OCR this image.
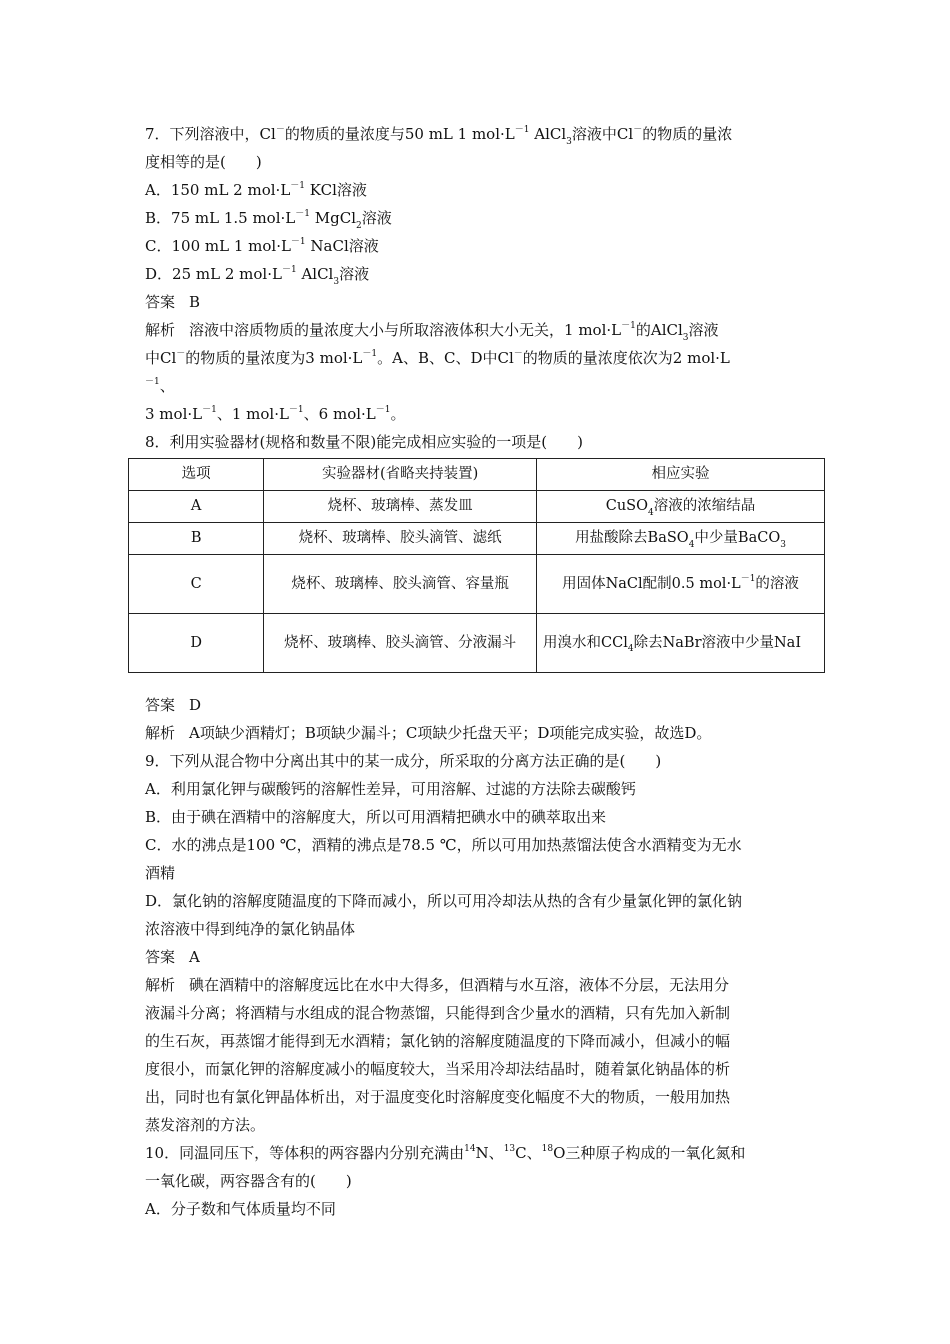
7．下列溶液中，Cl－的物质的量浓度与50 mL 1 $mol\cdot L^{-1}$ AlCl$_3$溶液中Cl－的物质的量浓
度相等的是(　　)
A．150 mL 2 $mol\cdot L^{-1}$ KCl溶液
B．75 mL 1.5 $mol\cdot L^{-1}$ MgCl$_2$溶液
C．100 mL 1 $mol\cdot L^{-1}$ NaCl溶液
D．25 mL 2 $mol\cdot L^{-1}$ AlCl$_3$溶液
答案 B
解析 溶液中溶质物质的量浓度大小与所取溶液体积大小无关，1 $mol\cdot L^{-1}$的AlCl$_3$溶液
中Cl－的物质的量浓度为3 $mol\cdot L^{-1}$。A、B、C、D中Cl－的物质的量浓度依次为2 mol·L
$^{-1}$、
3 $mol\cdot L^{-1}$、1 $mol\cdot L^{-1}$、6 $mol\cdot L^{-1}$。
8．利用实验器材(规格和数量不限)能完成相应实验的一项是(　　)
选项	实验器材(省略夹持装置)	相应实验
A	烧杯、玻璃棒、蒸发皿	CuSO$_4$溶液的浓缩结晶
B	烧杯、玻璃棒、胶头滴管、滤纸	用盐酸除去BaSO$_4$中少量BaCO$_3$
C	烧杯、玻璃棒、胶头滴管、容量瓶	用固体NaCl配制0.5 $mol\cdot L^{-1}$的溶液
D	烧杯、玻璃棒、胶头滴管、分液漏斗	用溴水和CCl$_4$除去NaBr溶液中少量NaI
答案 D
解析 A项缺少酒精灯；B项缺少漏斗；C项缺少托盘天平；D项能完成实验，故选D。
9．下列从混合物中分离出其中的某一成分，所采取的分离方法正确的是(　　)
A．利用氯化钾与碳酸钙的溶解性差异，可用溶解、过滤的方法除去碳酸钙
B．由于碘在酒精中的溶解度大，所以可用酒精把碘水中的碘萃取出来
C．水的沸点是100 ℃，酒精的沸点是78.5 ℃，所以可用加热蒸馏法使含水酒精变为无水
酒精
D．氯化钠的溶解度随温度的下降而减小，所以可用冷却法从热的含有少量氯化钾的氯化钠
浓溶液中得到纯净的氯化钠晶体
答案 A
解析 碘在酒精中的溶解度远比在水中大得多，但酒精与水互溶，液体不分层，无法用分
液漏斗分离；将酒精与水组成的混合物蒸馏，只能得到含少量水的酒精，只有先加入新制
的生石灰，再蒸馏才能得到无水酒精；氯化钠的溶解度随温度的下降而减小，但减小的幅
度很小，而氯化钾的溶解度减小的幅度较大，当采用冷却法结晶时，随着氯化钠晶体的析
出，同时也有氯化钾晶体析出，对于温度变化时溶解度变化幅度不大的物质，一般用加热
蒸发溶剂的方法。
10．同温同压下，等体积的两容器内分别充满由$^{14}$N、$^{13}$C、$^{18}$O三种原子构成的一氧化氮和
一氧化碳，两容器含有的(　　)
A．分子数和气体质量均不同
